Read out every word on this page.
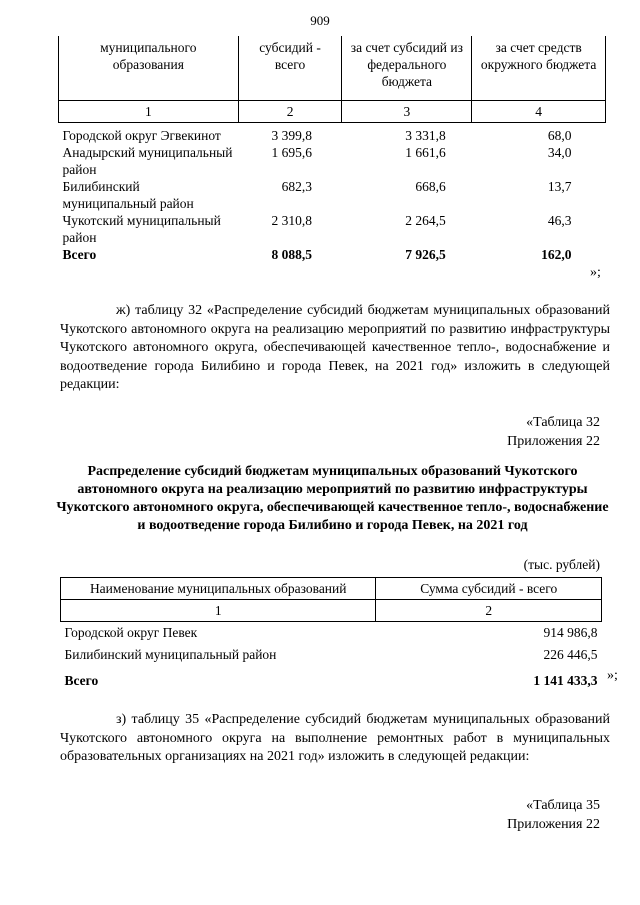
909
муниципального образования	субсидий - всего	за счет субсидий из федерального бюджета	за счет средств окружного бюджета
1	2	3	4

Городской округ Эгвекинот	3 399,8	3 331,8	68,0
Анадырский муниципальный район	1 695,6	1 661,6	34,0
Билибинский муниципальный район	682,3	668,6	13,7
Чукотский муниципальный район	2 310,8	2 264,5	46,3
Всего	8 088,5	7 926,5	162,0
»;
ж) таблицу 32 «Распределение субсидий бюджетам муниципальных образований Чукотского автономного округа на реализацию мероприятий по развитию инфраструктуры Чукотского автономного округа, обеспечивающей качественное тепло-, водоснабжение и водоотведение города Билибино и города Певек, на 2021 год» изложить в следующей редакции:
«Таблица 32
Приложения 22
Распределение субсидий бюджетам муниципальных образований Чукотского автономного округа на реализацию мероприятий по развитию инфраструктуры Чукотского автономного округа, обеспечивающей качественное тепло-, водоснабжение и водоотведение города Билибино и города Певек, на 2021 год
(тыс. рублей)
Наименование муниципальных образований	Сумма субсидий - всего
1	2
Городской округ Певек	914 986,8
Билибинский муниципальный район	226 446,5
Всего	1 141 433,3 »;
з) таблицу 35 «Распределение субсидий бюджетам муниципальных образований Чукотского автономного округа на выполнение ремонтных работ в муниципальных образовательных организациях на 2021 год» изложить в следующей редакции:
«Таблица 35
Приложения 22
